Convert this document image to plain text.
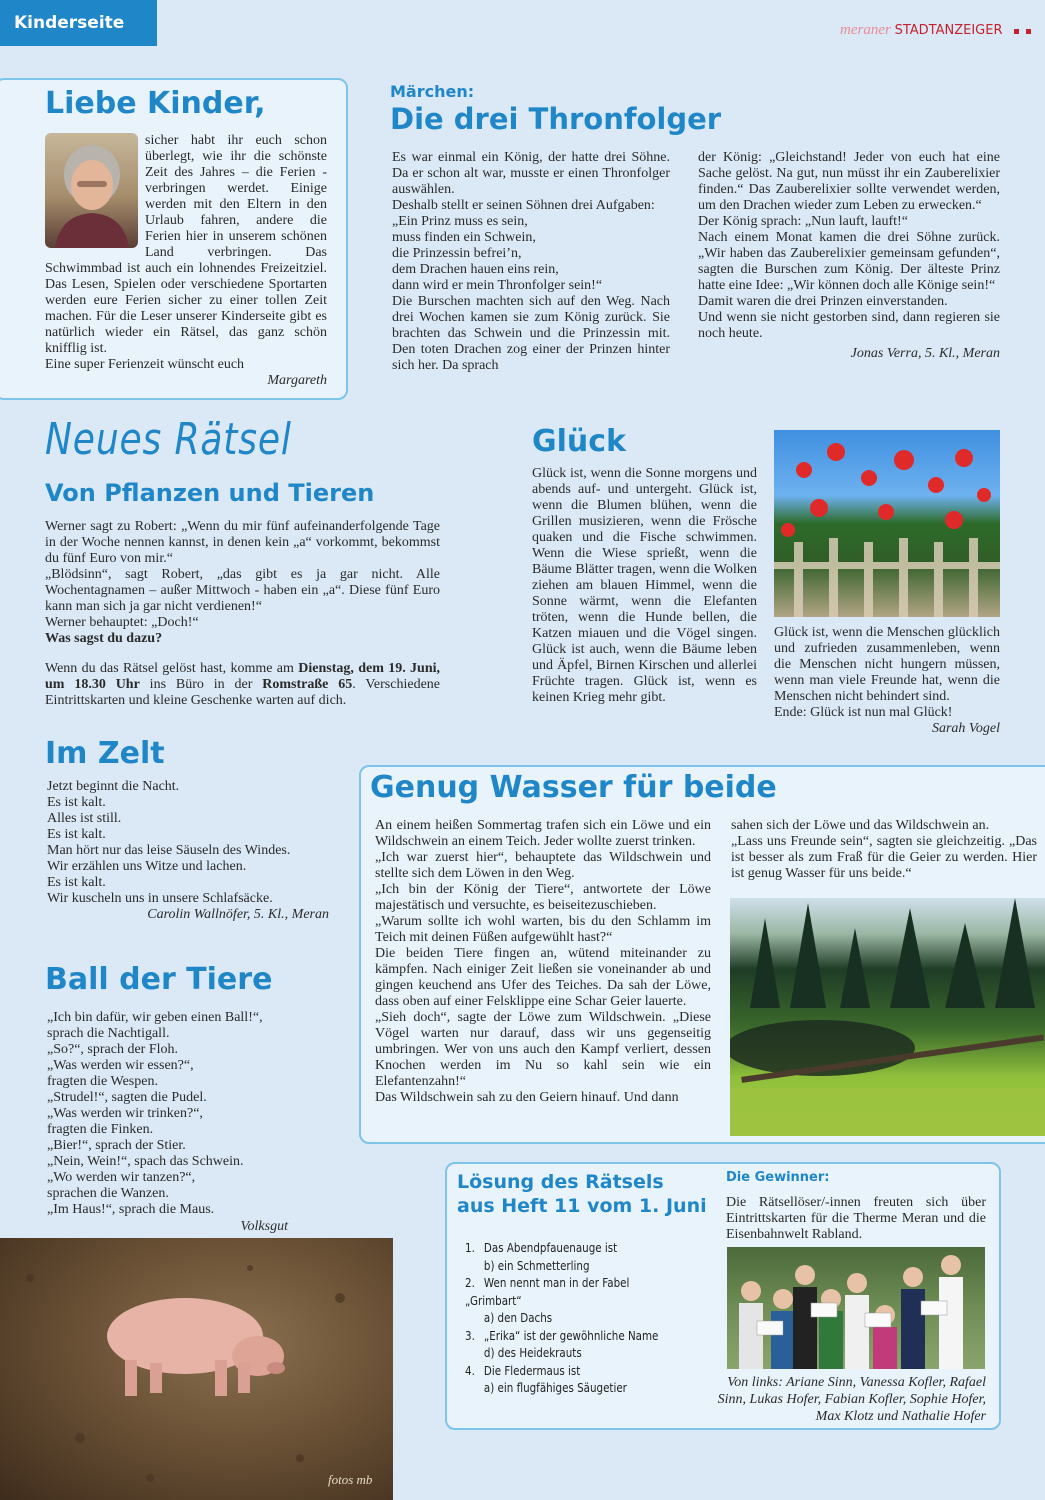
Kinderseite	meraner STADTANZEIGER
Liebe Kinder,
sicher habt ihr euch schon überlegt, wie ihr die schönste Zeit des Jahres – die Ferien - verbringen werdet. Einige werden mit den Eltern in den Urlaub fahren, andere die Ferien hier in unserem schönen Land verbringen. Das Schwimmbad ist auch ein lohnendes Freizeitziel. Das Lesen, Spielen oder verschiedene Sportarten werden eure Ferien sicher zu einer tollen Zeit machen. Für die Leser unserer Kinderseite gibt es natürlich wieder ein Rätsel, das ganz schön knifflig ist.
Eine super Ferienzeit wünscht euch
Margareth
Märchen:
Die drei Thronfolger

Es war einmal ein König, der hatte drei Söhne. Da er schon alt war, musste er einen Thronfolger auswählen.

Deshalb stellt er seinen Söhnen drei Aufgaben:

„Ein Prinz muss es sein,

muss finden ein Schwein,

die Prinzessin befrei’n,

dem Drachen hauen eins rein,

dann wird er mein Thronfolger sein!“

Die Burschen machten sich auf den Weg. Nach drei Wochen kamen sie zum König zurück. Sie brachten das Schwein und die Prinzessin mit. Den toten Drachen zog einer der Prinzen hinter sich her. Da sprach

der König: „Gleichstand! Jeder von euch hat eine Sache gelöst. Na gut, nun müsst ihr ein Zauberelixier finden.“ Das Zauberelixier sollte verwendet werden, um den Drachen wieder zum Leben zu erwecken.“

Der König sprach: „Nun lauft, lauft!“

Nach einem Monat kamen die drei Söhne zurück. „Wir haben das Zauberelixier gemeinsam gefunden“, sagten die Burschen zum König. Der älteste Prinz hatte eine Idee: „Wir können doch alle Könige sein!“

Damit waren die drei Prinzen einverstanden.

Und wenn sie nicht gestorben sind, dann regieren sie noch heute.

Jonas Verra, 5. Kl., Meran
Neues Rätsel
Von Pflanzen und Tieren

Werner sagt zu Robert: „Wenn du mir fünf aufeinanderfolgende Tage in der Woche nennen kannst, in denen kein „a“ vorkommt, bekommst du fünf Euro von mir.“

„Blödsinn“, sagt Robert, „das gibt es ja gar nicht. Alle Wochentagnamen – außer Mittwoch - haben ein „a“. Diese fünf Euro kann man sich ja gar nicht verdienen!“

Werner behauptet: „Doch!“

Was sagst du dazu?

Wenn du das Rätsel gelöst hast, komme am Dienstag, dem 19. Juni, um 18.30 Uhr ins Büro in der Romstraße 65. Verschiedene Eintrittskarten und kleine Geschenke warten auf dich.

Glück
Glück ist, wenn die Sonne morgens und abends auf- und untergeht. Glück ist, wenn die Blumen blühen, wenn die Grillen musizieren, wenn die Frösche quaken und die Fische schwimmen. Wenn die Wiese sprießt, wenn die Bäume Blätter tragen, wenn die Wolken ziehen am blauen Himmel, wenn die Sonne wärmt, wenn die Elefanten tröten, wenn die Hunde bellen, die Katzen miauen und die Vögel singen. Glück ist auch, wenn die Bäume leben und Äpfel, Birnen Kirschen und allerlei Früchte tragen. Glück ist, wenn es keinen Krieg mehr gibt.

Glück ist, wenn die Menschen glücklich und zufrieden zusammenleben, wenn die Menschen nicht hungern müssen, wenn man viele Freunde hat, wenn die Menschen nicht behindert sind.

Ende: Glück ist nun mal Glück!

Sarah Vogel
Im Zelt

Jetzt beginnt die Nacht.

Es ist kalt.

Alles ist still.

Es ist kalt.

Man hört nur das leise Säuseln des Windes.

Wir erzählen uns Witze und lachen.

Es ist kalt.

Wir kuscheln uns in unsere Schlafsäcke.

Carolin Wallnöfer, 5. Kl., Meran
Genug Wasser für beide

An einem heißen Sommertag trafen sich ein Löwe und ein Wildschwein an einem Teich. Jeder wollte zuerst trinken.

„Ich war zuerst hier“, behauptete das Wildschwein und stellte sich dem Löwen in den Weg.

„Ich bin der König der Tiere“, antwortete der Löwe majestätisch und versuchte, es beiseitezuschieben.

„Warum sollte ich wohl warten, bis du den Schlamm im Teich mit deinen Füßen aufgewühlt hast?“

Die beiden Tiere fingen an, wütend miteinander zu kämpfen. Nach einiger Zeit ließen sie voneinander ab und gingen keuchend ans Ufer des Teiches. Da sah der Löwe, dass oben auf einer Felsklippe eine Schar Geier lauerte.

„Sieh doch“, sagte der Löwe zum Wildschwein. „Diese Vögel warten nur darauf, dass wir uns gegenseitig umbringen. Wer von uns auch den Kampf verliert, dessen Knochen werden im Nu so kahl sein wie ein Elefantenzahn!“

Das Wildschwein sah zu den Geiern hinauf. Und dann

sahen sich der Löwe und das Wildschwein an.

„Lass uns Freunde sein“, sagten sie gleichzeitig. „Das ist besser als zum Fraß für die Geier zu werden. Hier ist genug Wasser für uns beide.“

Ball der Tiere

„Ich bin dafür, wir geben einen Ball!“,

sprach die Nachtigall.

„So?“, sprach der Floh.

„Was werden wir essen?“,

fragten die Wespen.

„Strudel!“, sagten die Pudel.

„Was werden wir trinken?“,

fragten die Finken.

„Bier!“, sprach der Stier.

„Nein, Wein!“, spach das Schwein.

„Wo werden wir tanzen?“,

sprachen die Wanzen.

„Im Haus!“, sprach die Maus.

Volksgut
fotos mb
Lösung des Rätsels aus Heft 11 vom 1. Juni
1. Das Abendpfauenauge ist
b) ein Schmetterling
2. Wen nennt man in der Fabel „Grimbart“
a) den Dachs
3. „Erika“ ist der gewöhnliche Name
d) des Heidekrauts
4. Die Fledermaus ist
a) ein flugfähiges Säugetier
Die Gewinner:
Die Rätsellöser/-innen freuten sich über Eintrittskarten für die Therme Meran und die Eisenbahnwelt Rabland.
Von links: Ariane Sinn, Vanessa Kofler, Rafael Sinn, Lukas Hofer, Fabian Kofler, Sophie Hofer, Max Klotz und Nathalie Hofer
